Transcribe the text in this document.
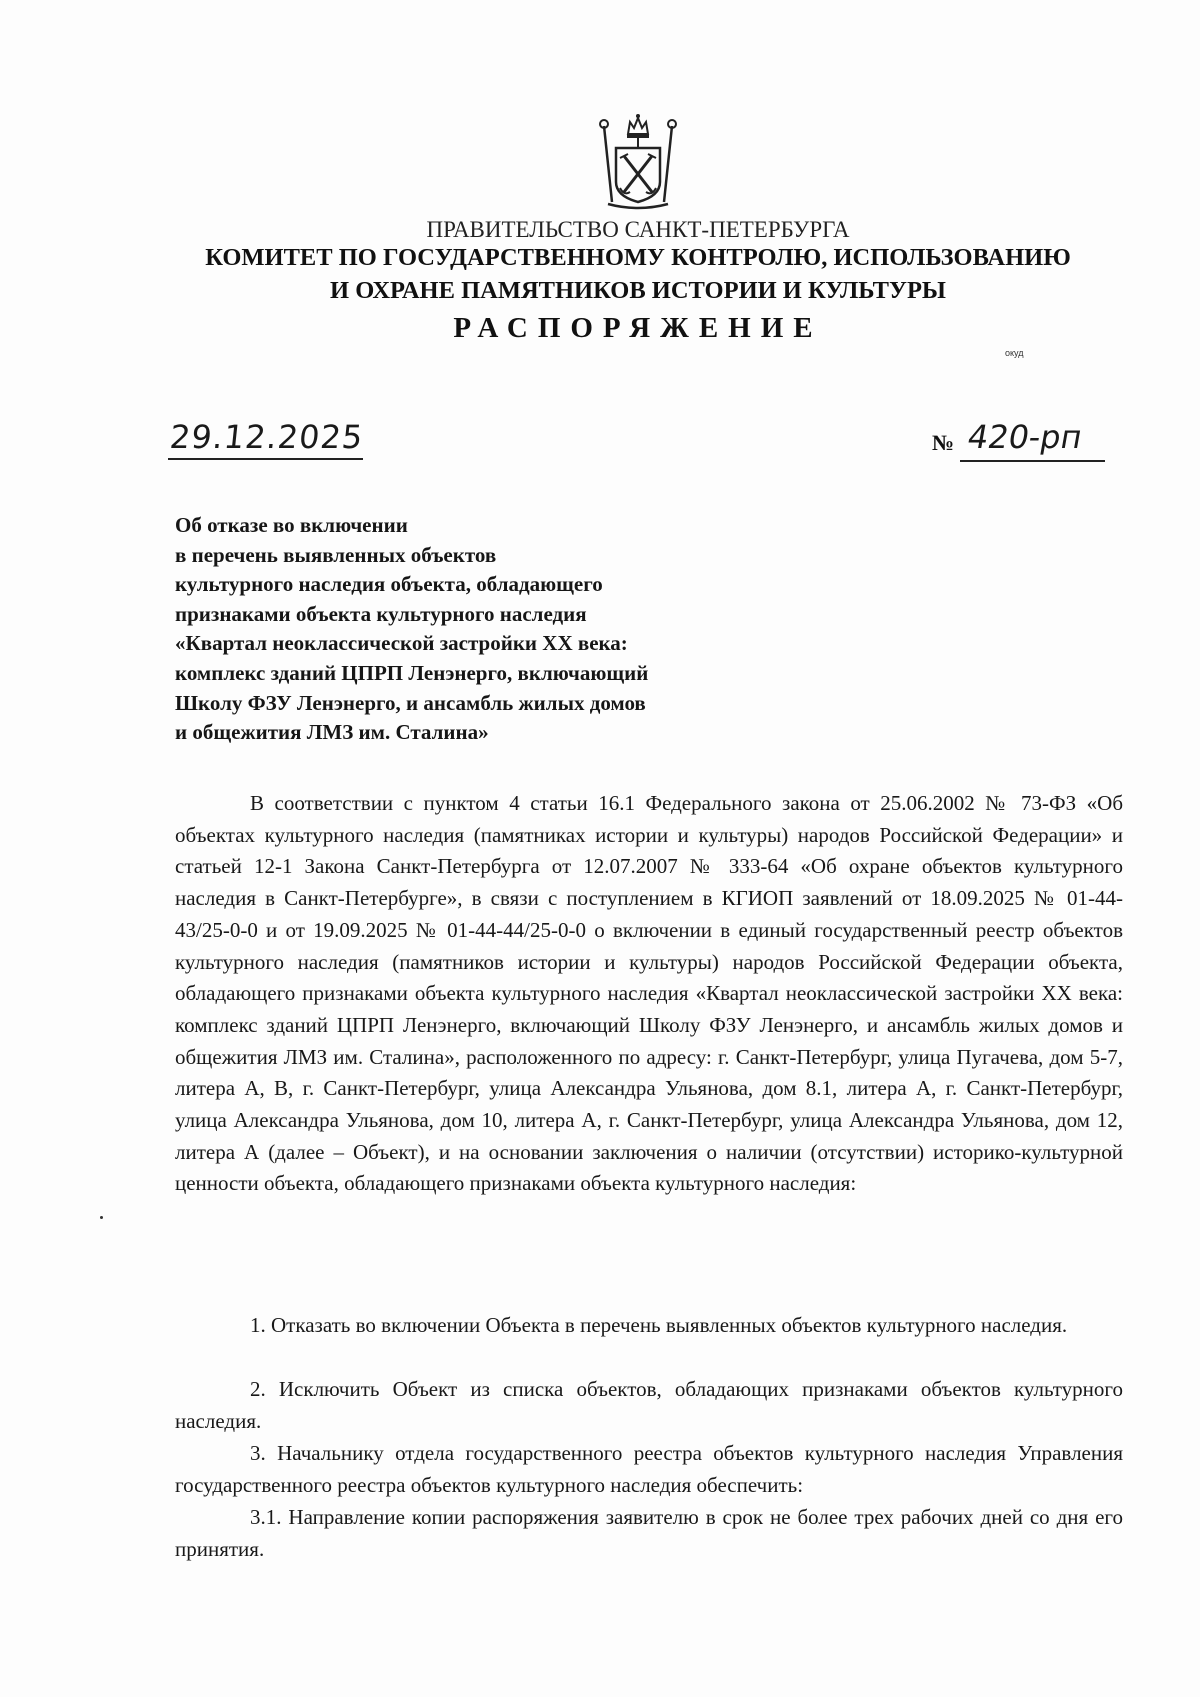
ПРАВИТЕЛЬСТВО САНКТ-ПЕТЕРБУРГА
КОМИТЕТ ПО ГОСУДАРСТВЕННОМУ КОНТРОЛЮ, ИСПОЛЬЗОВАНИЮ
И ОХРАНЕ ПАМЯТНИКОВ ИСТОРИИ И КУЛЬТУРЫ
РАСПОРЯЖЕНИЕ
окуд
29.12.2025	№ 420-рп
Об отказе во включении
в перечень выявленных объектов
культурного наследия объекта, обладающего
признаками объекта культурного наследия
«Квартал неоклассической застройки XX века:
комплекс зданий ЦПРП Ленэнерго, включающий
Школу ФЗУ Ленэнерго, и ансамбль жилых домов
и общежития ЛМЗ им. Сталина»
В соответствии с пунктом 4 статьи 16.1 Федерального закона от 25.06.2002 № 73-ФЗ «Об объектах культурного наследия (памятниках истории и культуры) народов Российской Федерации» и статьей 12-1 Закона Санкт-Петербурга от 12.07.2007 № 333-64 «Об охране объектов культурного наследия в Санкт-Петербурге», в связи с поступлением в КГИОП заявлений от 18.09.2025 № 01-44-43/25-0-0 и от 19.09.2025 № 01-44-44/25-0-0 о включении в единый государственный реестр объектов культурного наследия (памятников истории и культуры) народов Российской Федерации объекта, обладающего признаками объекта культурного наследия «Квартал неоклассической застройки XX века: комплекс зданий ЦПРП Ленэнерго, включающий Школу ФЗУ Ленэнерго, и ансамбль жилых домов и общежития ЛМЗ им. Сталина», расположенного по адресу: г. Санкт-Петербург, улица Пугачева, дом 5-7, литера А, В, г. Санкт-Петербург, улица Александра Ульянова, дом 8.1, литера А, г. Санкт-Петербург, улица Александра Ульянова, дом 10, литера А, г. Санкт-Петербург, улица Александра Ульянова, дом 12, литера А (далее – Объект), и на основании заключения о наличии (отсутствии) историко-культурной ценности объекта, обладающего признаками объекта культурного наследия:
1. Отказать во включении Объекта в перечень выявленных объектов культурного наследия.
2. Исключить Объект из списка объектов, обладающих признаками объектов культурного наследия.
3. Начальнику отдела государственного реестра объектов культурного наследия Управления государственного реестра объектов культурного наследия обеспечить:
3.1. Направление копии распоряжения заявителю в срок не более трех рабочих дней со дня его принятия.
